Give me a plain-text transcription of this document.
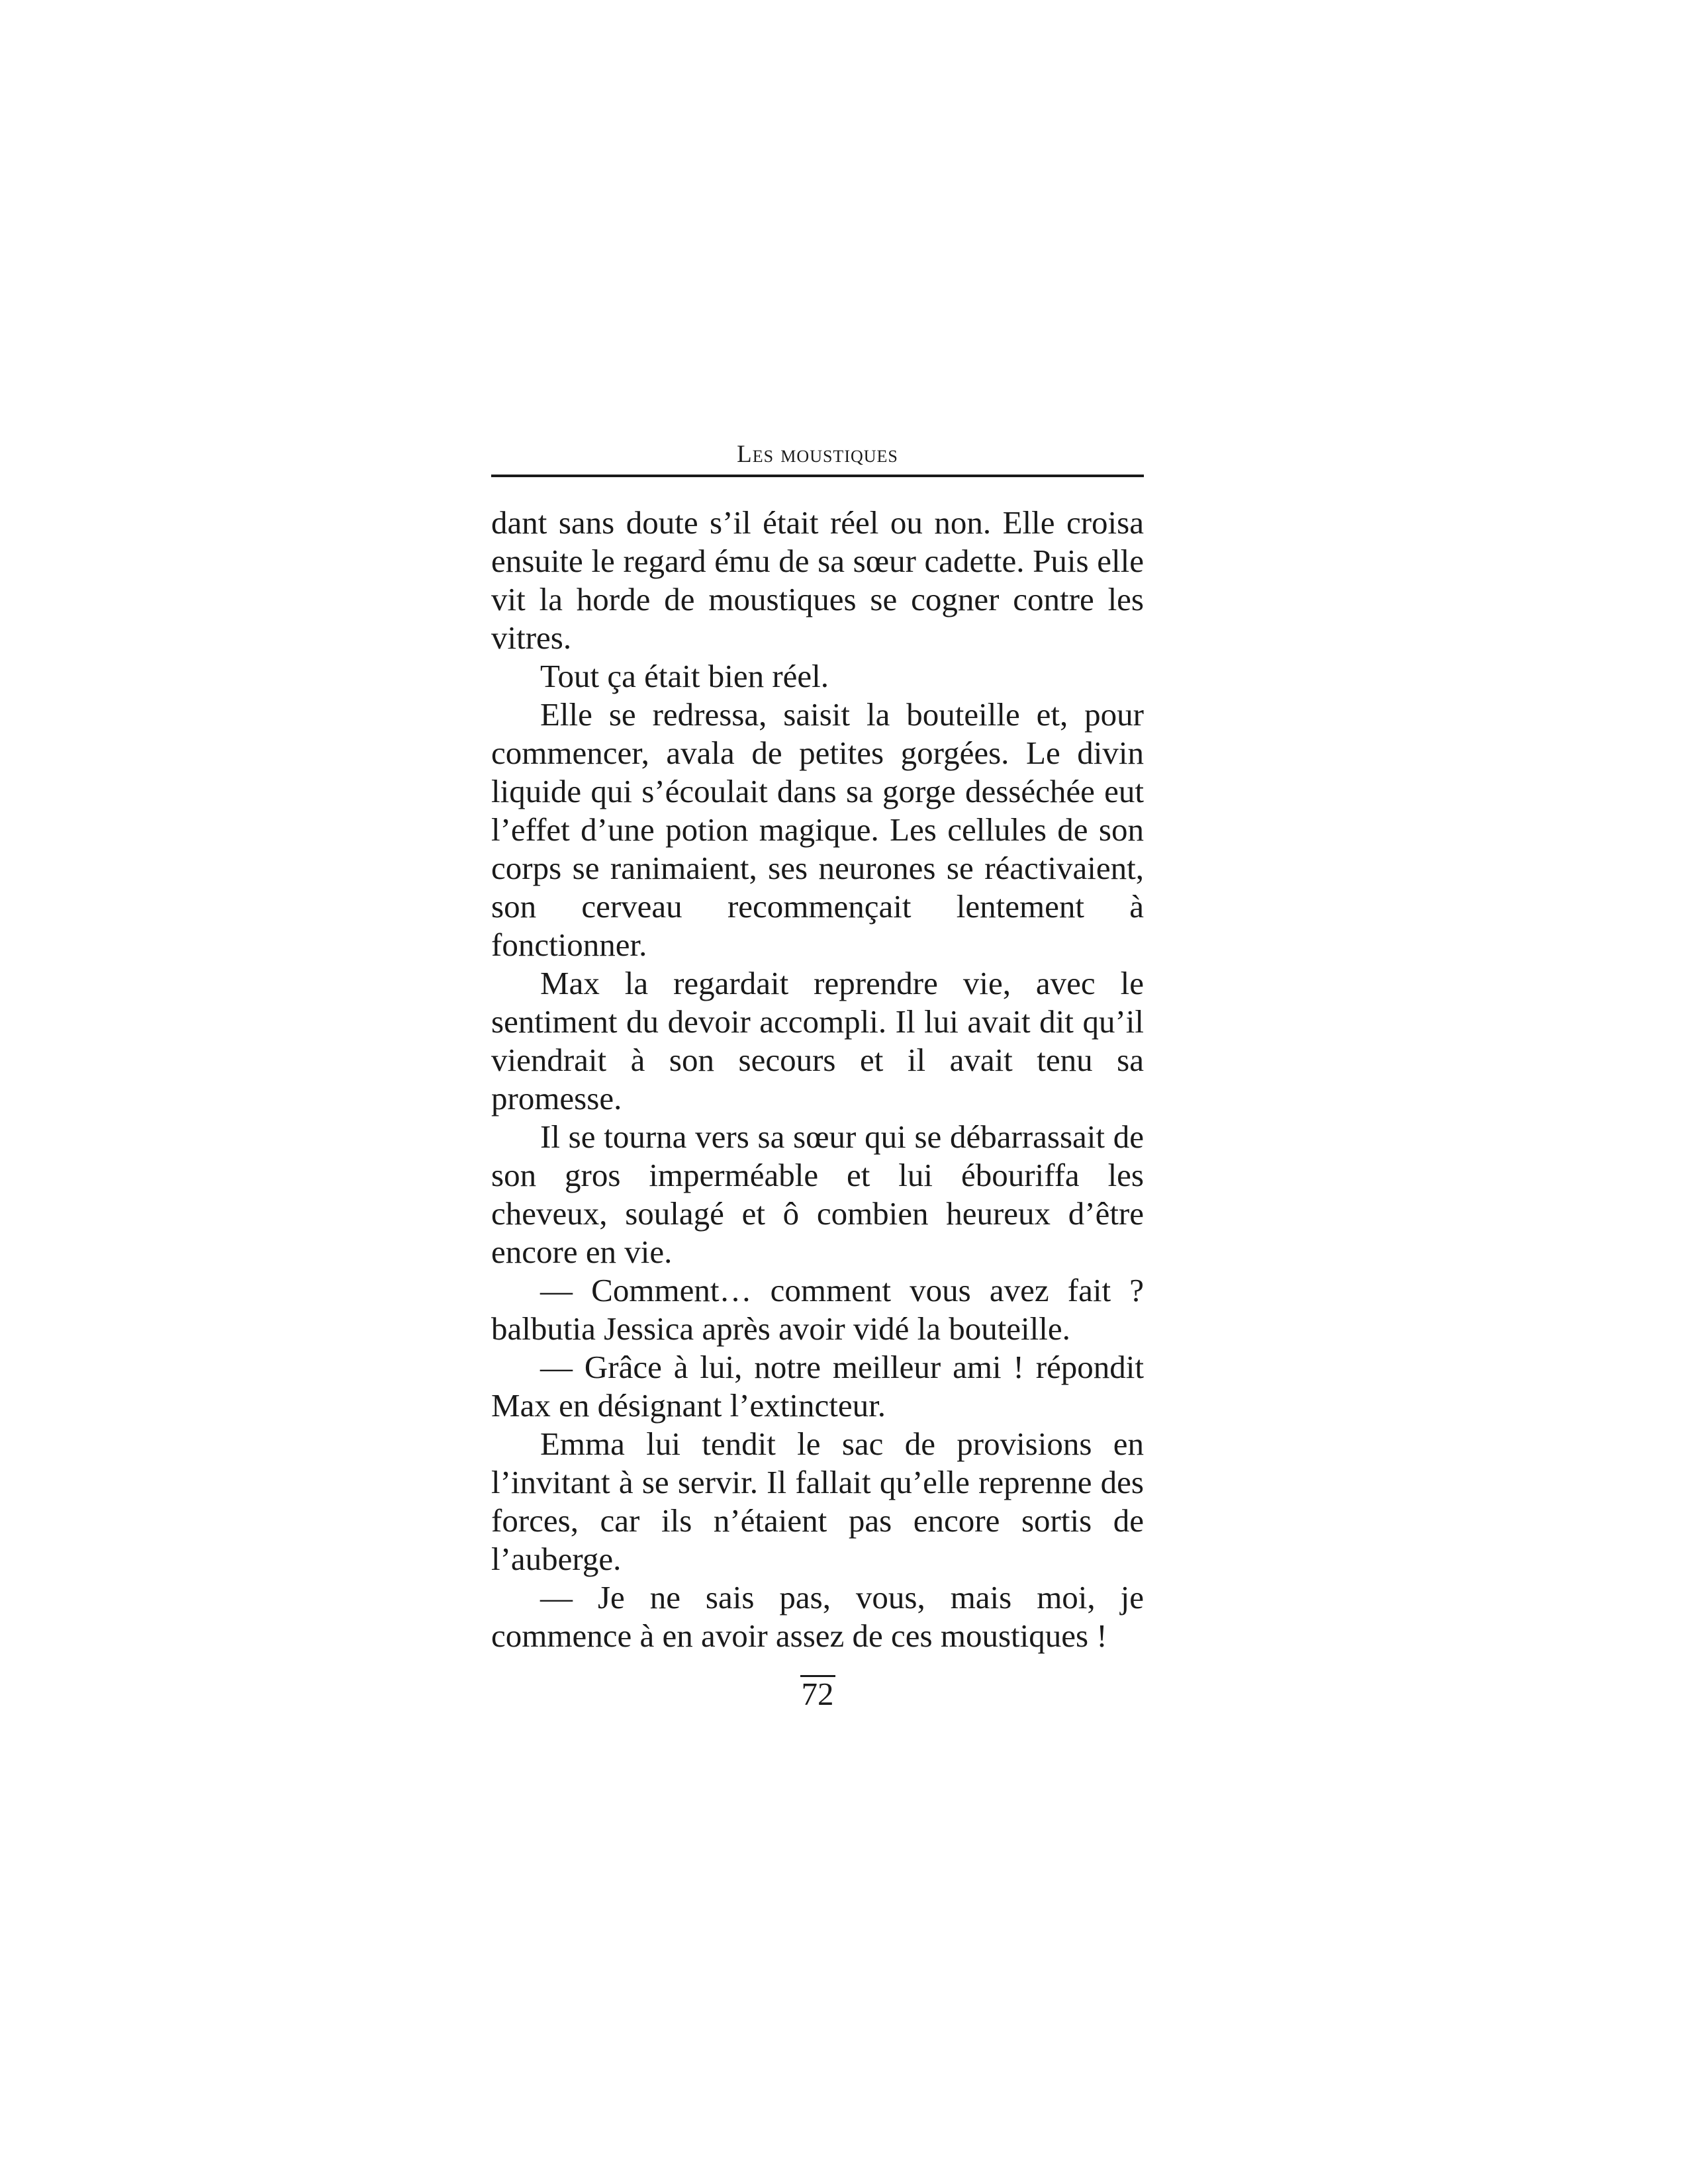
Les moustiques

dant sans doute s’il était réel ou non. Elle croisa ensuite le regard ému de sa sœur cadette. Puis elle vit la horde de moustiques se cogner contre les vitres.

Tout ça était bien réel.

Elle se redressa, saisit la bouteille et, pour commencer, avala de petites gorgées. Le divin liquide qui s’écoulait dans sa gorge desséchée eut l’effet d’une potion magique. Les cellules de son corps se ranimaient, ses neurones se réactivaient, son cerveau recommençait lentement à fonctionner.

Max la regardait reprendre vie, avec le sentiment du devoir accompli. Il lui avait dit qu’il viendrait à son secours et il avait tenu sa promesse.

Il se tourna vers sa sœur qui se débarrassait de son gros imperméable et lui ébouriffa les cheveux, soulagé et ô combien heureux d’être encore en vie.

— Comment… comment vous avez fait ? balbutia Jessica après avoir vidé la bouteille.

— Grâce à lui, notre meilleur ami ! répondit Max en désignant l’extincteur.

Emma lui tendit le sac de provisions en l’invitant à se servir. Il fallait qu’elle reprenne des forces, car ils n’étaient pas encore sortis de l’auberge.

— Je ne sais pas, vous, mais moi, je commence à en avoir assez de ces moustiques !

72
